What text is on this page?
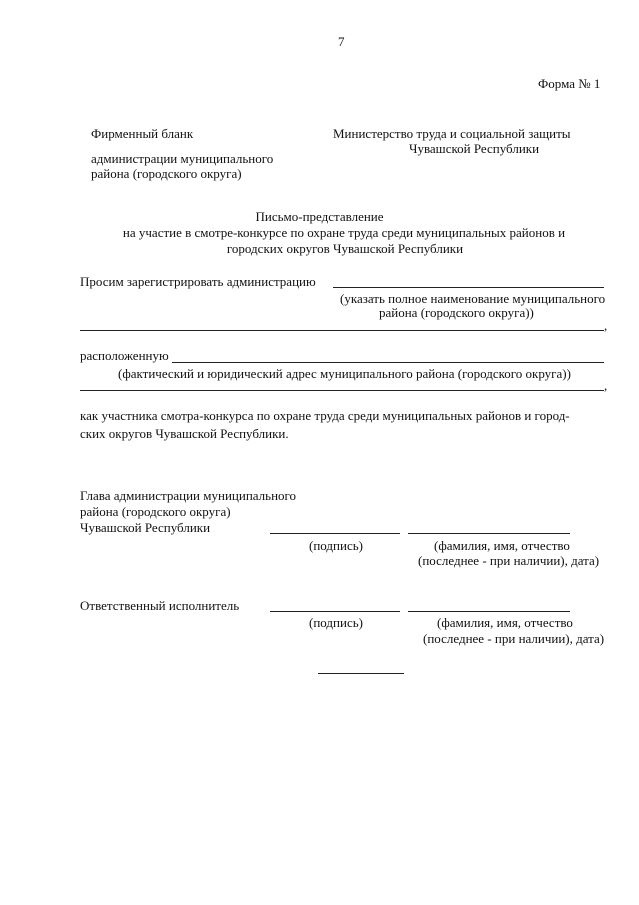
7
Форма № 1
Фирменный бланк
администрации муниципального
района (городского округа)
Министерство труда и социальной защиты
Чувашской Республики
Письмо-представление
на участие в смотре-конкурсе по охране труда среди муниципальных районов и
городских округов Чувашской Республики
Просим зарегистрировать администрацию
(указать полное наименование муниципального
района (городского округа))
,
расположенную
(фактический и юридический адрес муниципального района (городского округа))
,
как участника смотра-конкурса по охране труда среди муниципальных районов и город-
ских округов Чувашской Республики.
Глава администрации муниципального
района (городского округа)
Чувашской Республики
(подпись)	(фамилия, имя, отчество
(последнее - при наличии), дата)
Ответственный исполнитель
(подпись)	(фамилия, имя, отчество
(последнее - при наличии), дата)
